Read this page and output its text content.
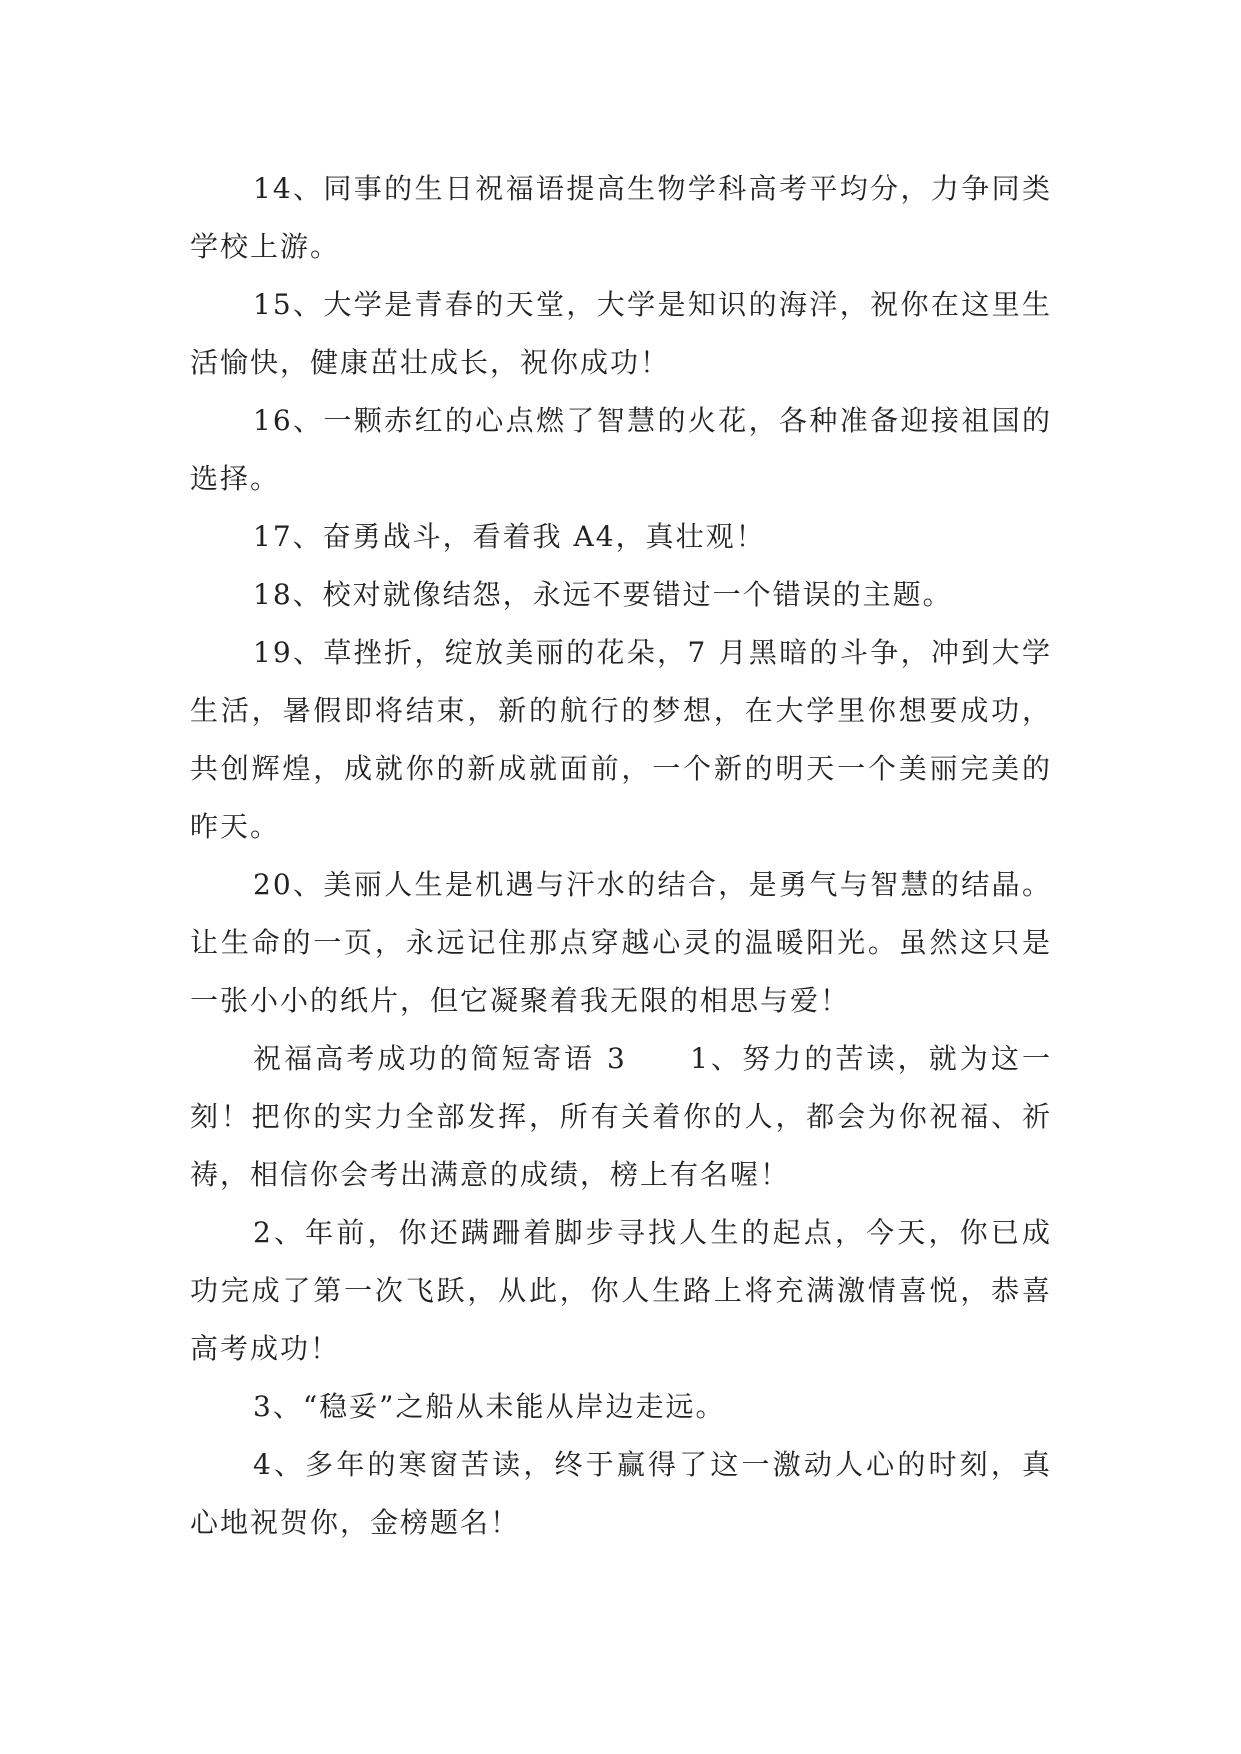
14、同事的生日祝福语提高生物学科高考平均分，力争同类学校上游。

15、大学是青春的天堂，大学是知识的海洋，祝你在这里生活愉快，健康茁壮成长，祝你成功！

16、一颗赤红的心点燃了智慧的火花，各种准备迎接祖国的选择。

17、奋勇战斗，看着我 A4，真壮观！

18、校对就像结怨，永远不要错过一个错误的主题。

19、草挫折，绽放美丽的花朵，7 月黑暗的斗争，冲到大学生活，暑假即将结束，新的航行的梦想，在大学里你想要成功，共创辉煌，成就你的新成就面前，一个新的明天一个美丽完美的昨天。

20、美丽人生是机遇与汗水的结合，是勇气与智慧的结晶。让生命的一页，永远记住那点穿越心灵的温暖阳光。虽然这只是一张小小的纸片，但它凝聚着我无限的相思与爱！

祝福高考成功的简短寄语 3　　1、努力的苦读，就为这一刻！把你的实力全部发挥，所有关着你的人，都会为你祝福、祈祷，相信你会考出满意的成绩，榜上有名喔！

2、年前，你还蹒跚着脚步寻找人生的起点，今天，你已成功完成了第一次飞跃，从此，你人生路上将充满激情喜悦，恭喜高考成功！

3、“稳妥”之船从未能从岸边走远。

4、多年的寒窗苦读，终于赢得了这一激动人心的时刻，真心地祝贺你，金榜题名！
